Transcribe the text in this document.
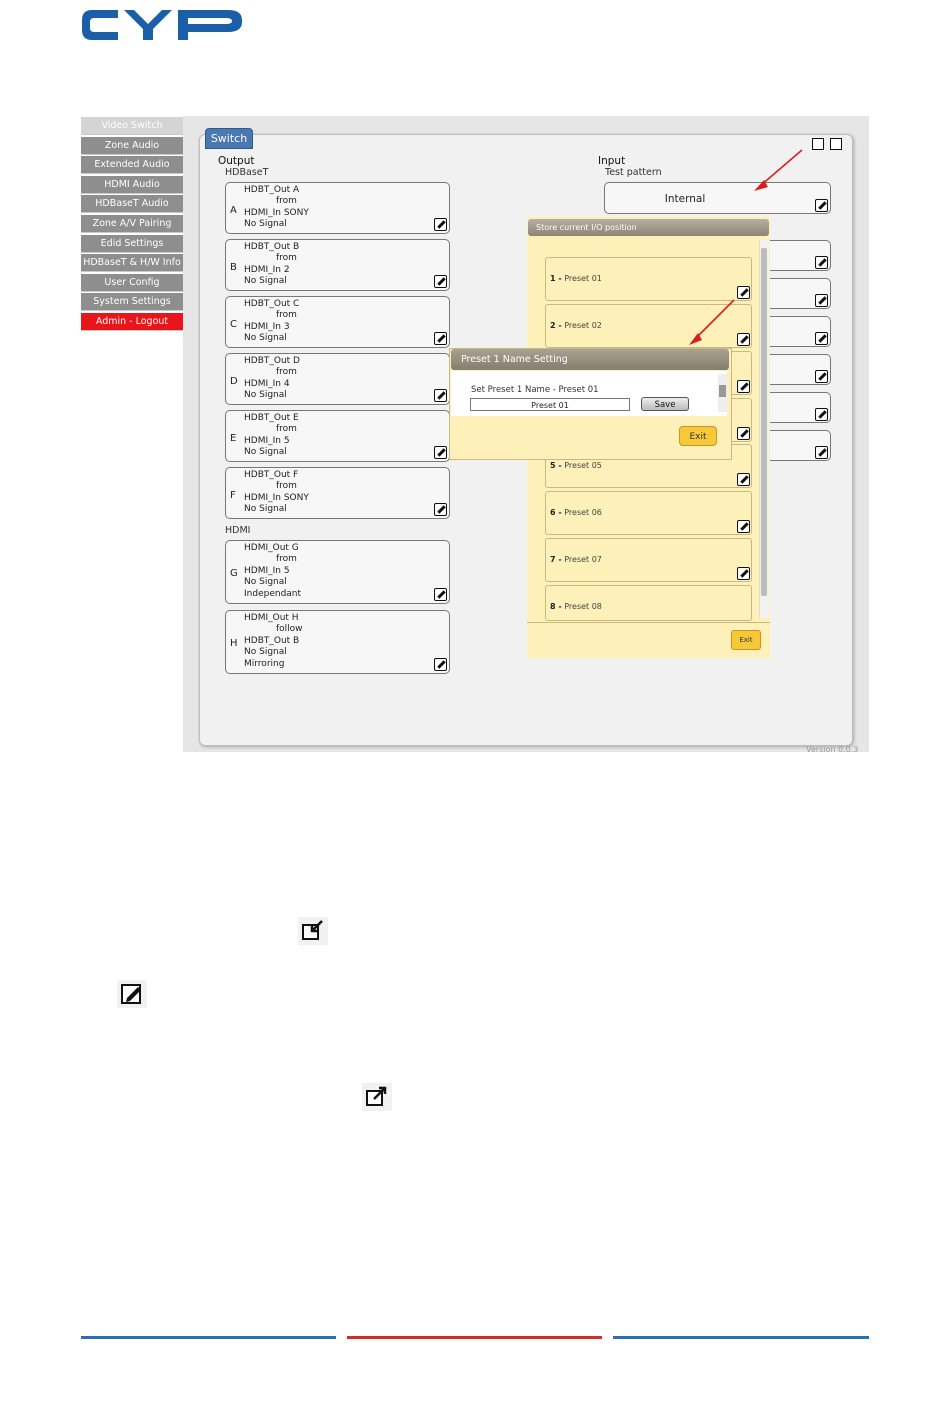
Video Switch
Zone Audio
Extended Audio
HDMI Audio
HDBaseT Audio
Zone A/V Pairing
Edid Settings
HDBaseT & H/W Info
User Config
System Settings
Admin - Logout
Switch
Output
HDBaseT
Input
Test pattern
Internal
A
HDBT_Out A
from
HDMI_In SONY
No Signal
B
HDBT_Out B
from
HDMI_In 2
No Signal
C
HDBT_Out C
from
HDMI_In 3
No Signal
D
HDBT_Out D
from
HDMI_In 4
No Signal
E
HDBT_Out E
from
HDMI_In 5
No Signal
F
HDBT_Out F
from
HDMI_In SONY
No Signal
HDMI
G
HDMI_Out G
from
HDMI_In 5
No Signal
Independant
H
HDMI_Out H
follow
HDBT_Out B
No Signal
Mirroring
Store current I/O position
1 - Preset 01
2 - Preset 02
5 - Preset 05
6 - Preset 06
7 - Preset 07
8 - Preset 08
Exit
Preset 1 Name Setting
Set Preset 1 Name - Preset 01
Preset 01	Save
Exit
Version 0.0.3
